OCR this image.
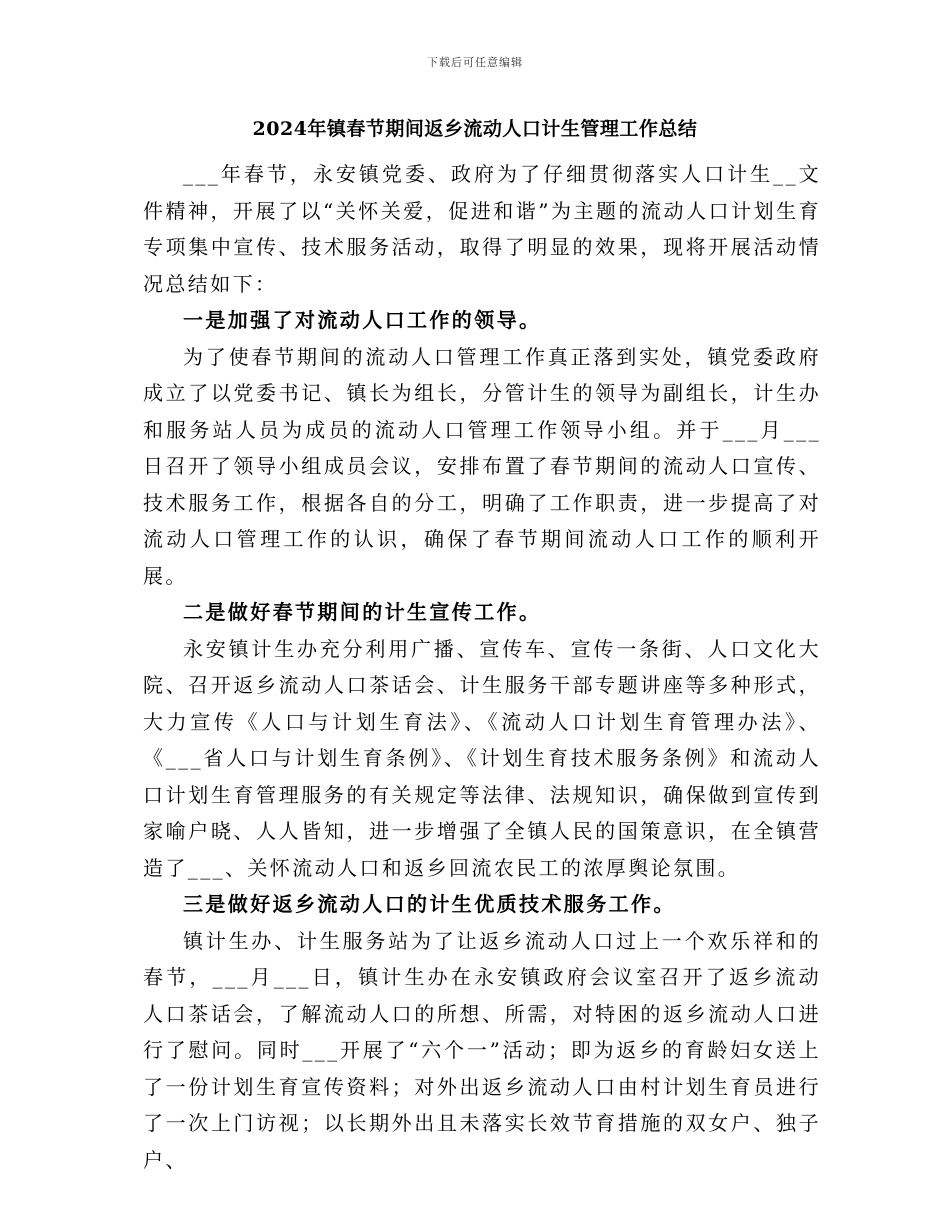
下载后可任意编辑
2024年镇春节期间返乡流动人口计生管理工作总结

___年春节，永安镇党委、政府为了仔细贯彻落实人口计生__文件精神，开展了以“关怀关爱，促进和谐”为主题的流动人口计划生育专项集中宣传、技术服务活动，取得了明显的效果，现将开展活动情况总结如下：

一是加强了对流动人口工作的领导。

为了使春节期间的流动人口管理工作真正落到实处，镇党委政府成立了以党委书记、镇长为组长，分管计生的领导为副组长，计生办和服务站人员为成员的流动人口管理工作领导小组。并于___月___日召开了领导小组成员会议，安排布置了春节期间的流动人口宣传、技术服务工作，根据各自的分工，明确了工作职责，进一步提高了对流动人口管理工作的认识，确保了春节期间流动人口工作的顺利开展。

二是做好春节期间的计生宣传工作。

永安镇计生办充分利用广播、宣传车、宣传一条街、人口文化大院、召开返乡流动人口茶话会、计生服务干部专题讲座等多种形式，大力宣传《人口与计划生育法》、《流动人口计划生育管理办法》、《___省人口与计划生育条例》、《计划生育技术服务条例》和流动人口计划生育管理服务的有关规定等法律、法规知识，确保做到宣传到家喻户晓、人人皆知，进一步增强了全镇人民的国策意识，在全镇营造了___、关怀流动人口和返乡回流农民工的浓厚舆论氛围。

三是做好返乡流动人口的计生优质技术服务工作。

镇计生办、计生服务站为了让返乡流动人口过上一个欢乐祥和的春节，___月___日，镇计生办在永安镇政府会议室召开了返乡流动人口茶话会，了解流动人口的所想、所需，对特困的返乡流动人口进行了慰问。同时___开展了“六个一”活动；即为返乡的育龄妇女送上了一份计划生育宣传资料；对外出返乡流动人口由村计划生育员进行了一次上门访视；以长期外出且未落实长效节育措施的双女户、独子户、
